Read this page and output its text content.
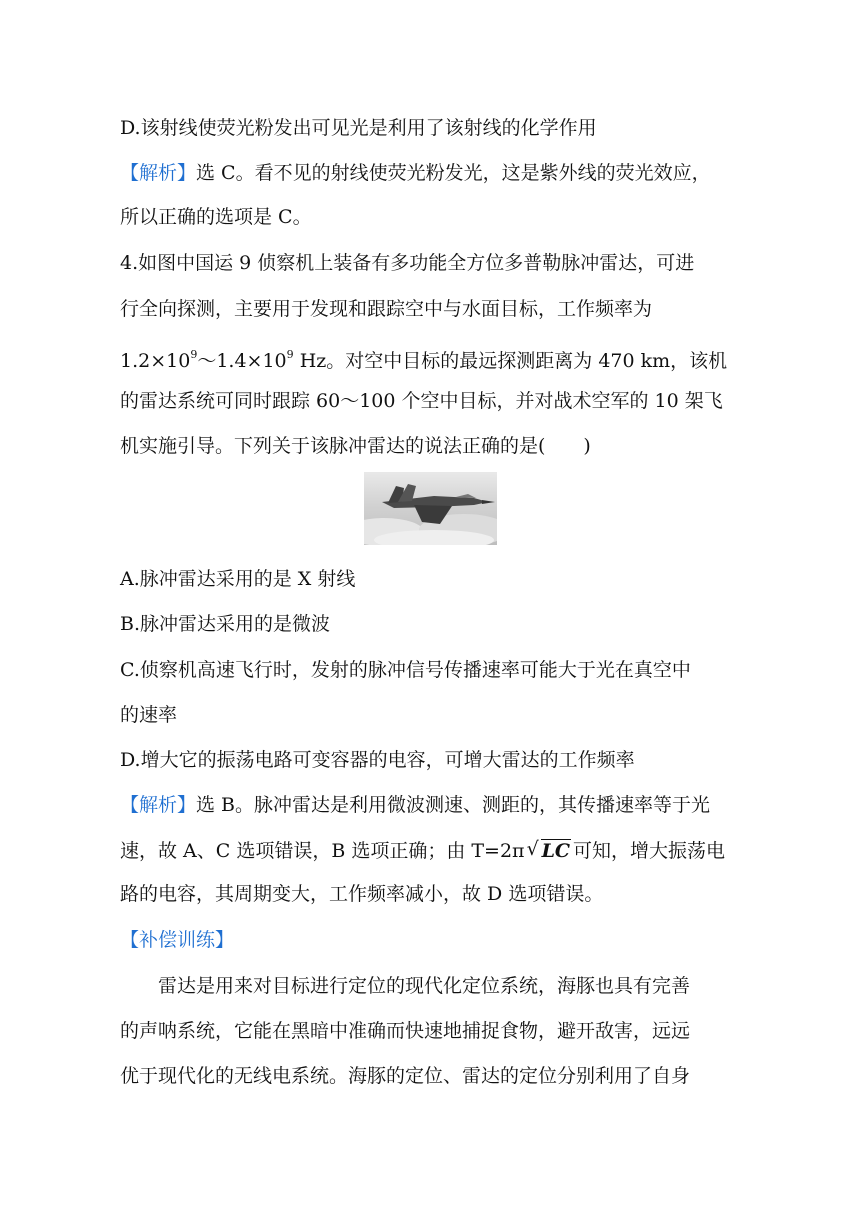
D.该射线使荧光粉发出可见光是利用了该射线的化学作用
【解析】选 C。看不见的射线使荧光粉发光，这是紫外线的荧光效应，
所以正确的选项是 C。
4.如图中国运 9 侦察机上装备有多功能全方位多普勒脉冲雷达，可进
行全向探测，主要用于发现和跟踪空中与水面目标，工作频率为
$1.2\times 10^9\sim 1.4\times 10^9$ Hz。对空中目标的最远探测距离为 470 km，该机
的雷达系统可同时跟踪 60～100 个空中目标，并对战术空军的 10 架飞
机实施引导。下列关于该脉冲雷达的说法正确的是(　　)
A.脉冲雷达采用的是 X 射线
B.脉冲雷达采用的是微波
C.侦察机高速飞行时，发射的脉冲信号传播速率可能大于光在真空中
的速率
D.增大它的振荡电路可变容器的电容，可增大雷达的工作频率
【解析】选 B。脉冲雷达是利用微波测速、测距的，其传播速率等于光
速，故 A、C 选项错误，B 选项正确；由 T=2π √ LC 可知，增大振荡电
路的电容，其周期变大，工作频率减小，故 D 选项错误。
【补偿训练】
　　雷达是用来对目标进行定位的现代化定位系统，海豚也具有完善
的声呐系统，它能在黑暗中准确而快速地捕捉食物，避开敌害，远远
优于现代化的无线电系统。海豚的定位、雷达的定位分别利用了自身
